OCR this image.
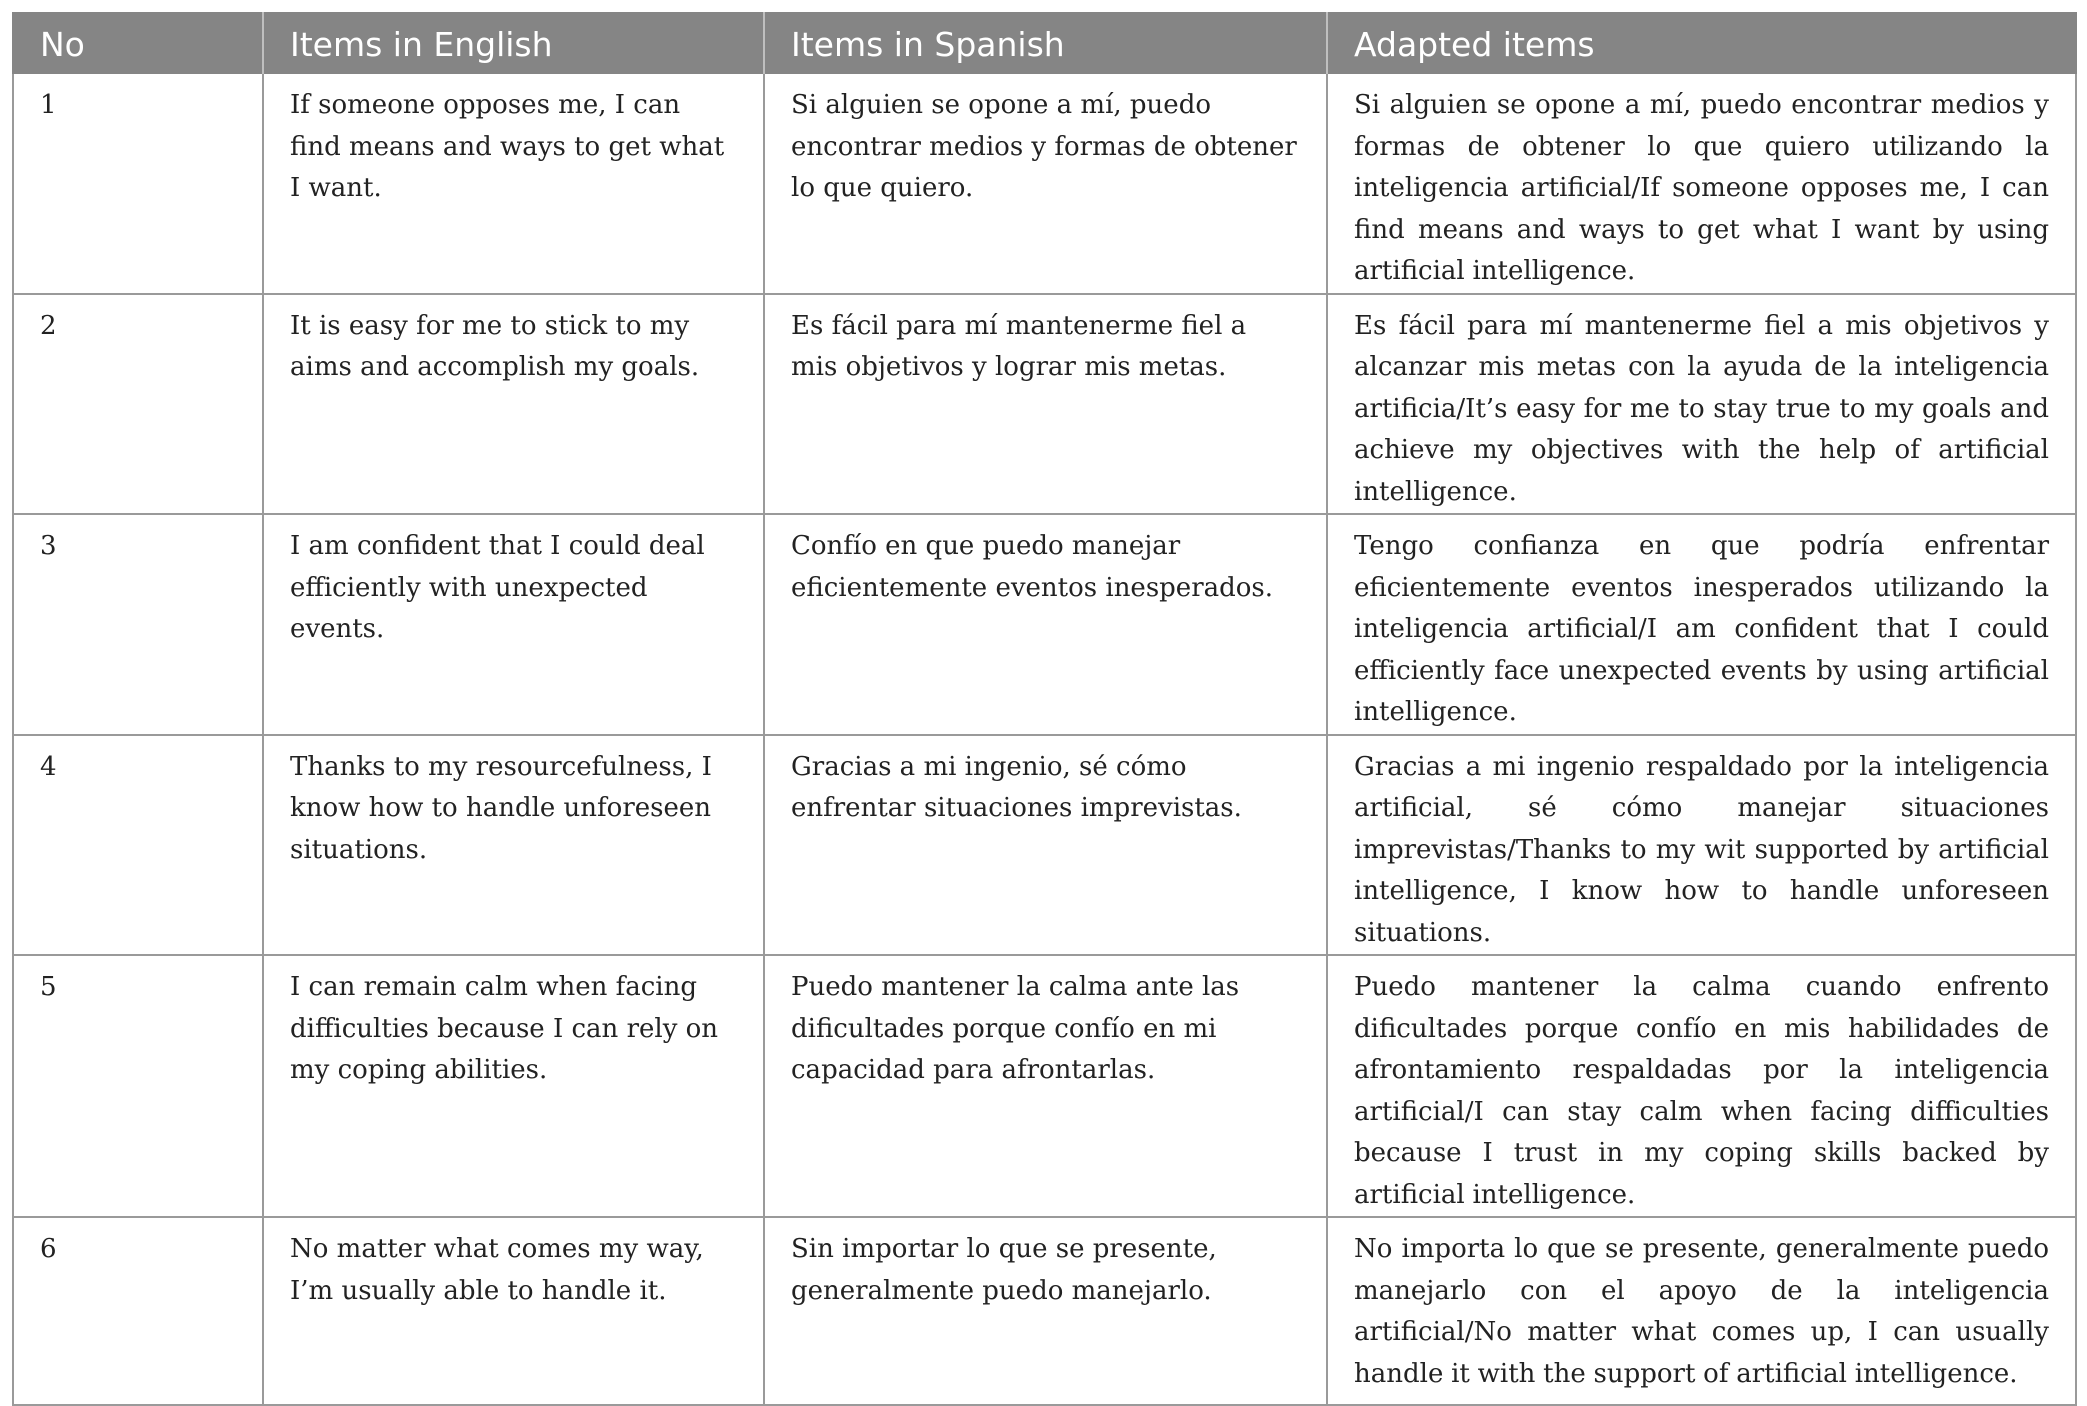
No	Items in English	Items in Spanish	Adapted items
1	If someone opposes me, I can find means and ways to get what I want.	Si alguien se opone a mí, puedo encontrar medios y formas de obtener lo que quiero.	Si alguien se opone a mí, puedo encontrar medios y formas de obtener lo que quiero utilizando la inteligencia artificial/If someone opposes me, I can find means and ways to get what I want by using artificial intelligence.
2	It is easy for me to stick to my aims and accomplish my goals.	Es fácil para mí mantenerme fiel a mis objetivos y lograr mis metas.	Es fácil para mí mantenerme fiel a mis objetivos y alcanzar mis metas con la ayuda de la inteligencia artificia/It’s easy for me to stay true to my goals and achieve my objectives with the help of artificial intelligence.
3	I am confident that I could deal efficiently with unexpected events.	Confío en que puedo manejar eficientemente eventos inesperados.	Tengo confianza en que podría enfrentar eficientemente eventos inesperados utilizando la inteligencia artificial/I am confident that I could efficiently face unexpected events by using artificial intelligence.
4	Thanks to my resourcefulness, I know how to handle unforeseen situations.	Gracias a mi ingenio, sé cómo enfrentar situaciones imprevistas.	Gracias a mi ingenio respaldado por la inteligencia artificial, sé cómo manejar situaciones imprevistas/Thanks to my wit supported by artificial intelligence, I know how to handle unforeseen situations.
5	I can remain calm when facing difficulties because I can rely on my coping abilities.	Puedo mantener la calma ante las dificultades porque confío en mi capacidad para afrontarlas.	Puedo mantener la calma cuando enfrento dificultades porque confío en mis habilidades de afrontamiento respaldadas por la inteligencia artificial/I can stay calm when facing difficulties because I trust in my coping skills backed by artificial intelligence.
6	No matter what comes my way, I’m usually able to handle it.	Sin importar lo que se presente, generalmente puedo manejarlo.	No importa lo que se presente, generalmente puedo manejarlo con el apoyo de la inteligencia artificial/No matter what comes up, I can usually handle it with the support of artificial intelligence.
